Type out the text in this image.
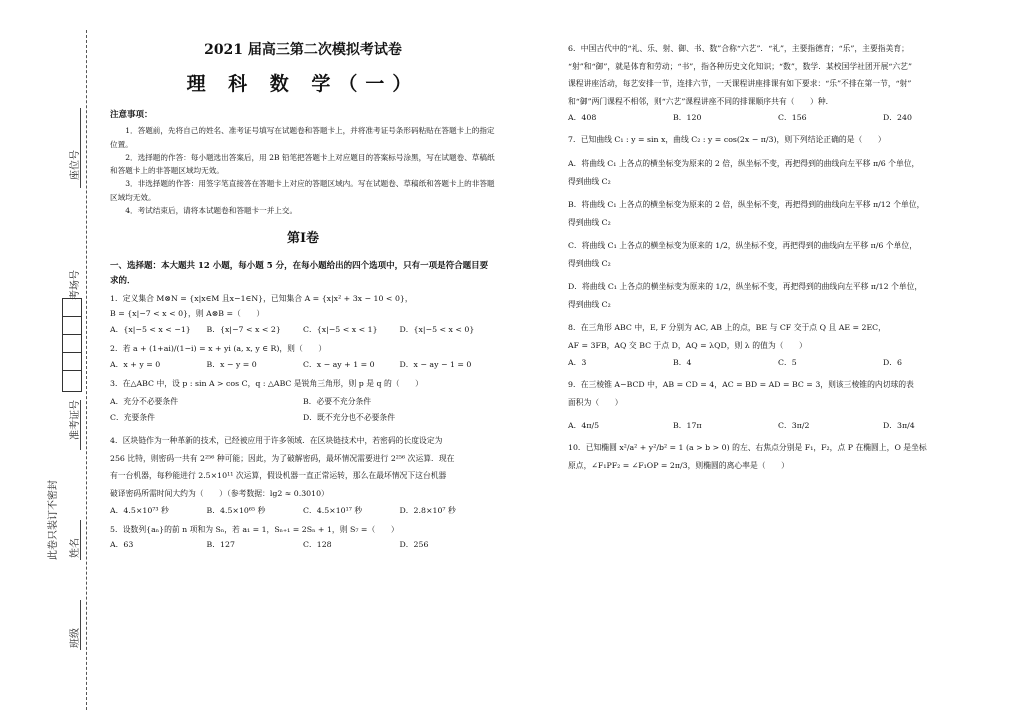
座位号
考场号
准考证号
此卷只装订不密封	姓名
班级
2021 届高三第二次模拟考试卷
理 科 数 学（一）
注意事项：

1．答题前，先将自己的姓名、准考证号填写在试题卷和答题卡上，并将准考证号条形码粘贴在答题卡上的指定位置。

2．选择题的作答：每小题选出答案后，用 2B 铅笔把答题卡上对应题目的答案标号涂黑，写在试题卷、草稿纸和答题卡上的非答题区域均无效。

3．非选择题的作答：用签字笔直接答在答题卡上对应的答题区域内。写在试题卷、草稿纸和答题卡上的非答题区域均无效。

4．考试结束后，请将本试题卷和答题卡一并上交。

第Ⅰ卷
一、选择题：本大题共 12 小题，每小题 5 分，在每小题给出的四个选项中，只有一项是符合题目要求的．

1．定义集合 M⊗N = {x|x∈M 且x−1∈N}，已知集合 A = {x|x² + 3x − 10 < 0}，

B = {x|−7 < x < 0}，则 A⊗B =（　　）

A．{x|−5 < x < −1}	B．{x|−7 < x < 2}	C．{x|−5 < x < 1}	D．{x|−5 < x < 0}

2．若 a + (1+ai)/(1−i) = x + yi (a, x, y ∈ R)，则（　　）

A．x + y = 0	B．x − y = 0	C．x − ay + 1 = 0	D．x − ay − 1 = 0

3．在△ABC 中，设 p : sin A > cos C，q : △ABC 是锐角三角形，则 p 是 q 的（　　）

A．充分不必要条件	B．必要不充分条件
C．充要条件	D．既不充分也不必要条件

4．区块链作为一种革新的技术，已经被应用于许多领域．在区块链技术中，若密码的长度设定为

256 比特，则密码一共有 2²⁵⁶ 种可能；因此，为了破解密码，最坏情况需要进行 2²⁵⁶ 次运算．现在

有一台机器，每秒能进行 2.5×10¹¹ 次运算，假设机器一直正常运转，那么在最坏情况下这台机器

破译密码所需时间大约为（　　）（参考数据：lg2 ≈ 0.3010）

A．4.5×10⁷³ 秒	B．4.5×10⁶⁵ 秒	C．4.5×10¹⁷ 秒	D．2.8×10⁷ 秒

5．设数列{aₙ}的前 n 项和为 Sₙ，若 a₁ = 1，Sₙ₊₁ = 2Sₙ + 1，则 S₇ =（　　）

A．63	B．127	C．128	D．256

6．中国古代中的“礼、乐、射、御、书、数”合称“六艺”．“礼”，主要指德育；“乐”，主要指美育；

“射”和“御”，就是体育和劳动；“书”，指各种历史文化知识；“数”，数学．某校国学社团开展“六艺”

课程讲座活动，每艺安排一节，连排六节，一天课程讲座排课有如下要求：“乐”不排在第一节，“射”

和“御”两门课程不相邻，则“六艺”课程讲座不同的排课顺序共有（　　）种．

A．408	B．120	C．156	D．240

7．已知曲线 C₁ : y = sin x，曲线 C₂ : y = cos(2x − π/3)，则下列结论正确的是（　　）

A．将曲线 C₁ 上各点的横坐标变为原来的 2 倍，纵坐标不变，再把得到的曲线向左平移 π/6 个单位，

得到曲线 C₂

B．将曲线 C₁ 上各点的横坐标变为原来的 2 倍，纵坐标不变，再把得到的曲线向左平移 π/12 个单位，

得到曲线 C₂

C．将曲线 C₁ 上各点的横坐标变为原来的 1/2，纵坐标不变，再把得到的曲线向左平移 π/6 个单位，

得到曲线 C₂

D．将曲线 C₁ 上各点的横坐标变为原来的 1/2，纵坐标不变，再把得到的曲线向左平移 π/12 个单位，

得到曲线 C₂

8．在三角形 ABC 中，E, F 分别为 AC, AB 上的点，BE 与 CF 交于点 Q 且 AE = 2EC，

AF = 3FB，AQ 交 BC 于点 D，AQ = λQD，则 λ 的值为（　　）

A．3	B．4	C．5	D．6

9．在三棱锥 A−BCD 中，AB = CD = 4，AC = BD = AD = BC = 3，则该三棱锥的内切球的表

面积为（　　）

A．4π/5	B．17π	C．3π/2	D．3π/4

10．已知椭圆 x²/a² + y²/b² = 1 (a > b > 0) 的左、右焦点分别是 F₁，F₂，点 P 在椭圆上，O 是坐标

原点，∠F₁PF₂ = ∠F₁OP = 2π/3，则椭圆的离心率是（　　）
